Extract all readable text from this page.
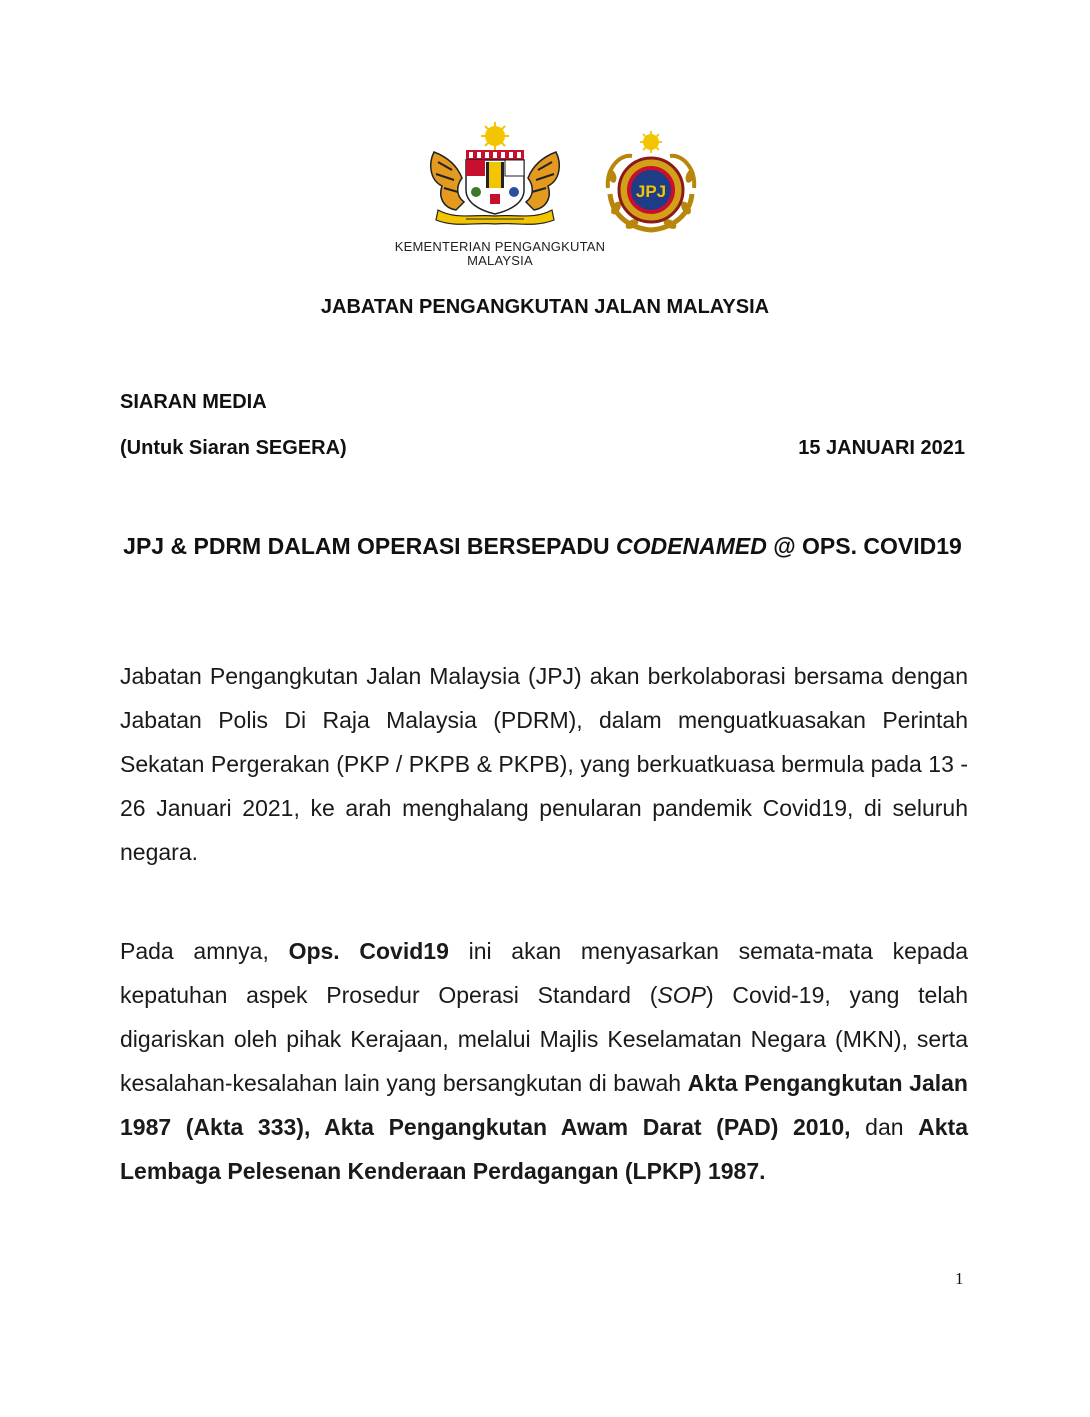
JPJ
KEMENTERIAN PENGANGKUTAN
MALAYSIA
JABATAN PENGANGKUTAN JALAN MALAYSIA
SIARAN MEDIA
(Untuk Siaran SEGERA)	15 JANUARI 2021
JPJ & PDRM DALAM OPERASI BERSEPADU CODENAMED @ OPS. COVID19
Jabatan Pengangkutan Jalan Malaysia (JPJ) akan berkolaborasi bersama dengan Jabatan Polis Di Raja Malaysia (PDRM), dalam menguatkuasakan Perintah Sekatan Pergerakan (PKP / PKPB & PKPB), yang berkuatkuasa bermula pada 13 - 26 Januari 2021, ke arah menghalang penularan pandemik Covid19, di seluruh negara.
Pada amnya, Ops. Covid19 ini akan menyasarkan semata-mata kepada kepatuhan aspek Prosedur Operasi Standard (SOP) Covid-19, yang telah digariskan oleh pihak Kerajaan, melalui Majlis Keselamatan Negara (MKN), serta kesalahan-kesalahan lain yang bersangkutan di bawah Akta Pengangkutan Jalan 1987 (Akta 333), Akta Pengangkutan Awam Darat (PAD) 2010, dan Akta Lembaga Pelesenan Kenderaan Perdagangan (LPKP) 1987.
1
